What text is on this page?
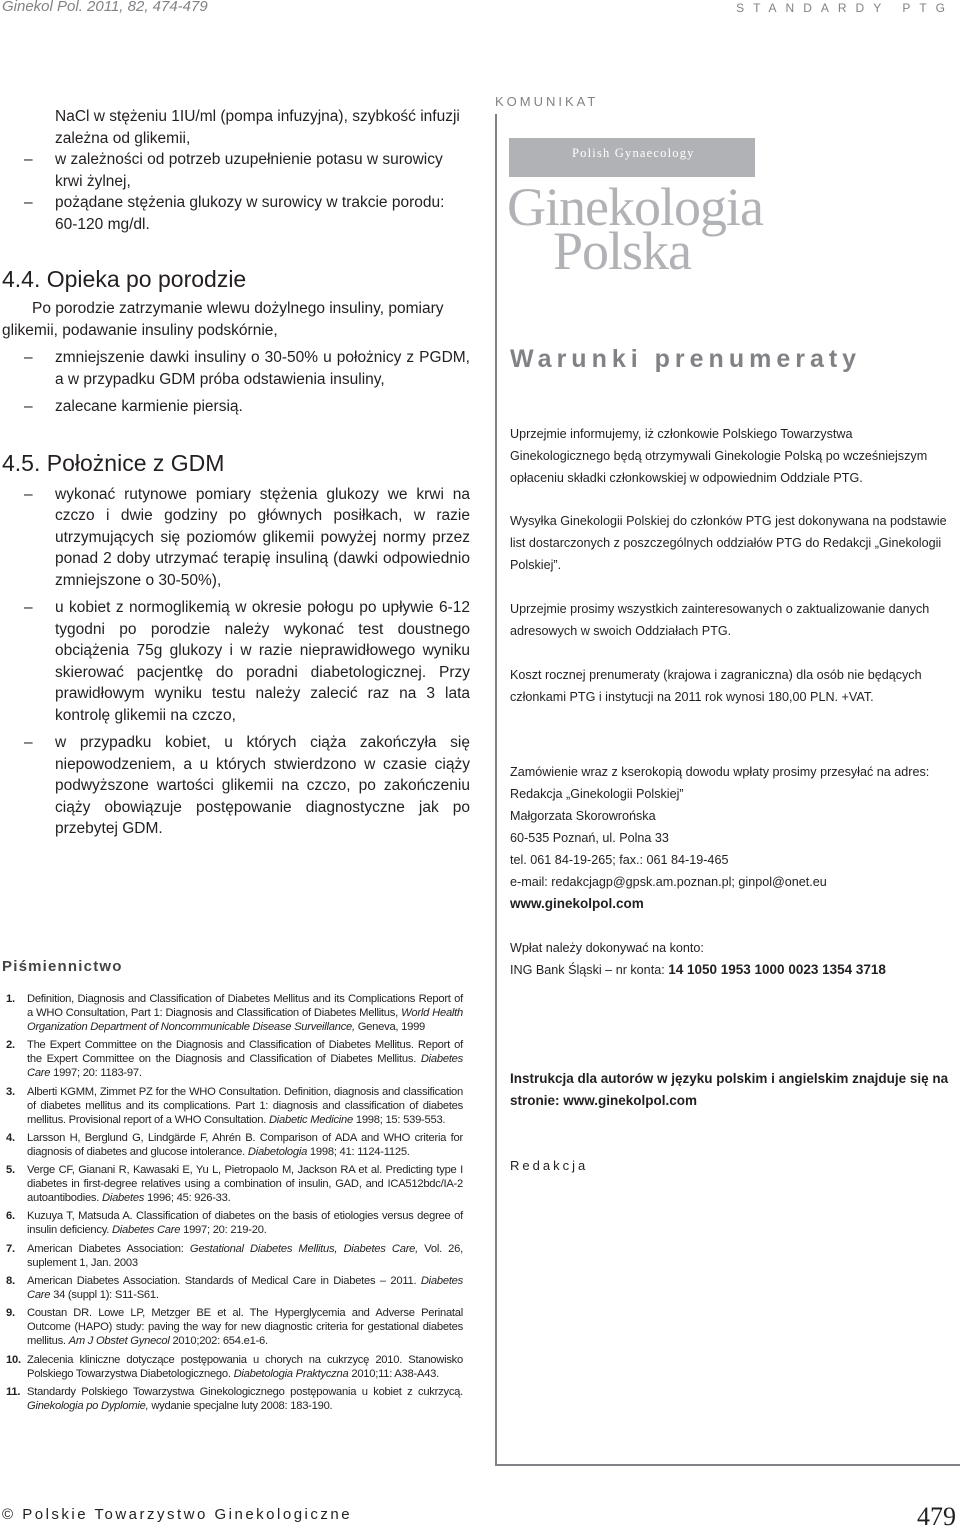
Ginekol Pol. 2011, 82, 474-479	STANDARDY PTG
NaCl w stężeniu 1IU/ml (pompa infuzyjna), szybkość infuzji zależna od glikemii,
– w zależności od potrzeb uzupełnienie potasu w surowicy krwi żylnej,
– pożądane stężenia glukozy w surowicy w trakcie porodu: 60-120 mg/dl.
4.4. Opieka po porodzie
Po porodzie zatrzymanie wlewu dożylnego insuliny, pomiary glikemii, podawanie insuliny podskórnie,
– zmniejszenie dawki insuliny o 30-50% u położnicy z PGDM, a w przypadku GDM próba odstawienia insuliny,
– zalecane karmienie piersią.
4.5. Położnice z GDM
– wykonać rutynowe pomiary stężenia glukozy we krwi na czczo i dwie godziny po głównych posiłkach, w razie utrzymujących się poziomów glikemii powyżej normy przez ponad 2 doby utrzymać terapię insuliną (dawki odpowiednio zmniejszone o 30-50%),
– u kobiet z normoglikemią w okresie połogu po upływie 6-12 tygodni po porodzie należy wykonać test doustnego obciążenia 75g glukozy i w razie nieprawidłowego wyniku skierować pacjentkę do poradni diabetologicznej. Przy prawidłowym wyniku testu należy zalecić raz na 3 lata kontrolę glikemii na czczo,
– w przypadku kobiet, u których ciąża zakończyła się niepowodzeniem, a u których stwierdzono w czasie ciąży podwyższone wartości glikemii na czczo, po zakończeniu ciąży obowiązuje postępowanie diagnostyczne jak po przebytej GDM.
Piśmiennictwo
1. Definition, Diagnosis and Classification of Diabetes Mellitus and its Complications Report of a WHO Consultation, Part 1: Diagnosis and Classification of Diabetes Mellitus, World Health Organization Department of Noncommunicable Disease Surveillance, Geneva, 1999
2. The Expert Committee on the Diagnosis and Classification of Diabetes Mellitus. Report of the Expert Committee on the Diagnosis and Classification of Diabetes Mellitus. Diabetes Care 1997; 20: 1183-97.
3. Alberti KGMM, Zimmet PZ for the WHO Consultation. Definition, diagnosis and classification of diabetes mellitus and its complications. Part 1: diagnosis and classification of diabetes mellitus. Provisional report of a WHO Consultation. Diabetic Medicine 1998; 15: 539-553.
4. Larsson H, Berglund G, Lindgärde F, Ahrén B. Comparison of ADA and WHO criteria for diagnosis of diabetes and glucose intolerance. Diabetologia 1998; 41: 1124-1125.
5. Verge CF, Gianani R, Kawasaki E, Yu L, Pietropaolo M, Jackson RA et al. Predicting type I diabetes in first-degree relatives using a combination of insulin, GAD, and ICA512bdc/IA-2 autoantibodies. Diabetes 1996; 45: 926-33.
6. Kuzuya T, Matsuda A. Classification of diabetes on the basis of etiologies versus degree of insulin deficiency. Diabetes Care 1997; 20: 219-20.
7. American Diabetes Association: Gestational Diabetes Mellitus, Diabetes Care, Vol. 26, suplement 1, Jan. 2003
8. American Diabetes Association. Standards of Medical Care in Diabetes – 2011. Diabetes Care 34 (suppl 1): S11-S61.
9. Coustan DR. Lowe LP, Metzger BE et al. The Hyperglycemia and Adverse Perinatal Outcome (HAPO) study: paving the way for new diagnostic criteria for gestational diabetes mellitus. Am J Obstet Gynecol 2010;202: 654.e1-6.
10. Zalecenia kliniczne dotyczące postępowania u chorych na cukrzycę 2010. Stanowisko Polskiego Towarzystwa Diabetologicznego. Diabetologia Praktyczna 2010;11: A38-A43.
11. Standardy Polskiego Towarzystwa Ginekologicznego postępowania u kobiet z cukrzycą. Ginekologia po Dyplomie, wydanie specjalne luty 2008: 183-190.
KOMUNIKAT
Polish Gynaecology
Ginekologia
Polska
Warunki prenumeraty
Uprzejmie informujemy, iż członkowie Polskiego Towarzystwa Ginekologicznego będą otrzymywali Ginekologie Polską po wcześniejszym opłaceniu składki członkowskiej w odpowiednim Oddziale PTG.
Wysyłka Ginekologii Polskiej do członków PTG jest dokonywana na podstawie list dostarczonych z poszczególnych oddziałów PTG do Redakcji „Ginekologii Polskiej”.
Uprzejmie prosimy wszystkich zainteresowanych o zaktualizowanie danych adresowych w swoich Oddziałach PTG.
Koszt rocznej prenumeraty (krajowa i zagraniczna) dla osób nie będących członkami PTG i instytucji na 2011 rok wynosi 180,00 PLN. +VAT.
Zamówienie wraz z kserokopią dowodu wpłaty prosimy przesyłać na adres:
Redakcja „Ginekologii Polskiej”
Małgorzata Skorowrońska
60-535 Poznań, ul. Polna 33
tel. 061 84-19-265; fax.: 061 84-19-465
e-mail: redakcjagp@gpsk.am.poznan.pl; ginpol@onet.eu
www.ginekolpol.com
Wpłat należy dokonywać na konto:
ING Bank Śląski – nr konta: 14 1050 1953 1000 0023 1354 3718
Instrukcja dla autorów w języku polskim i angielskim znajduje się na stronie: www.ginekolpol.com
Redakcja
© Polskie Towarzystwo Ginekologiczne	479
